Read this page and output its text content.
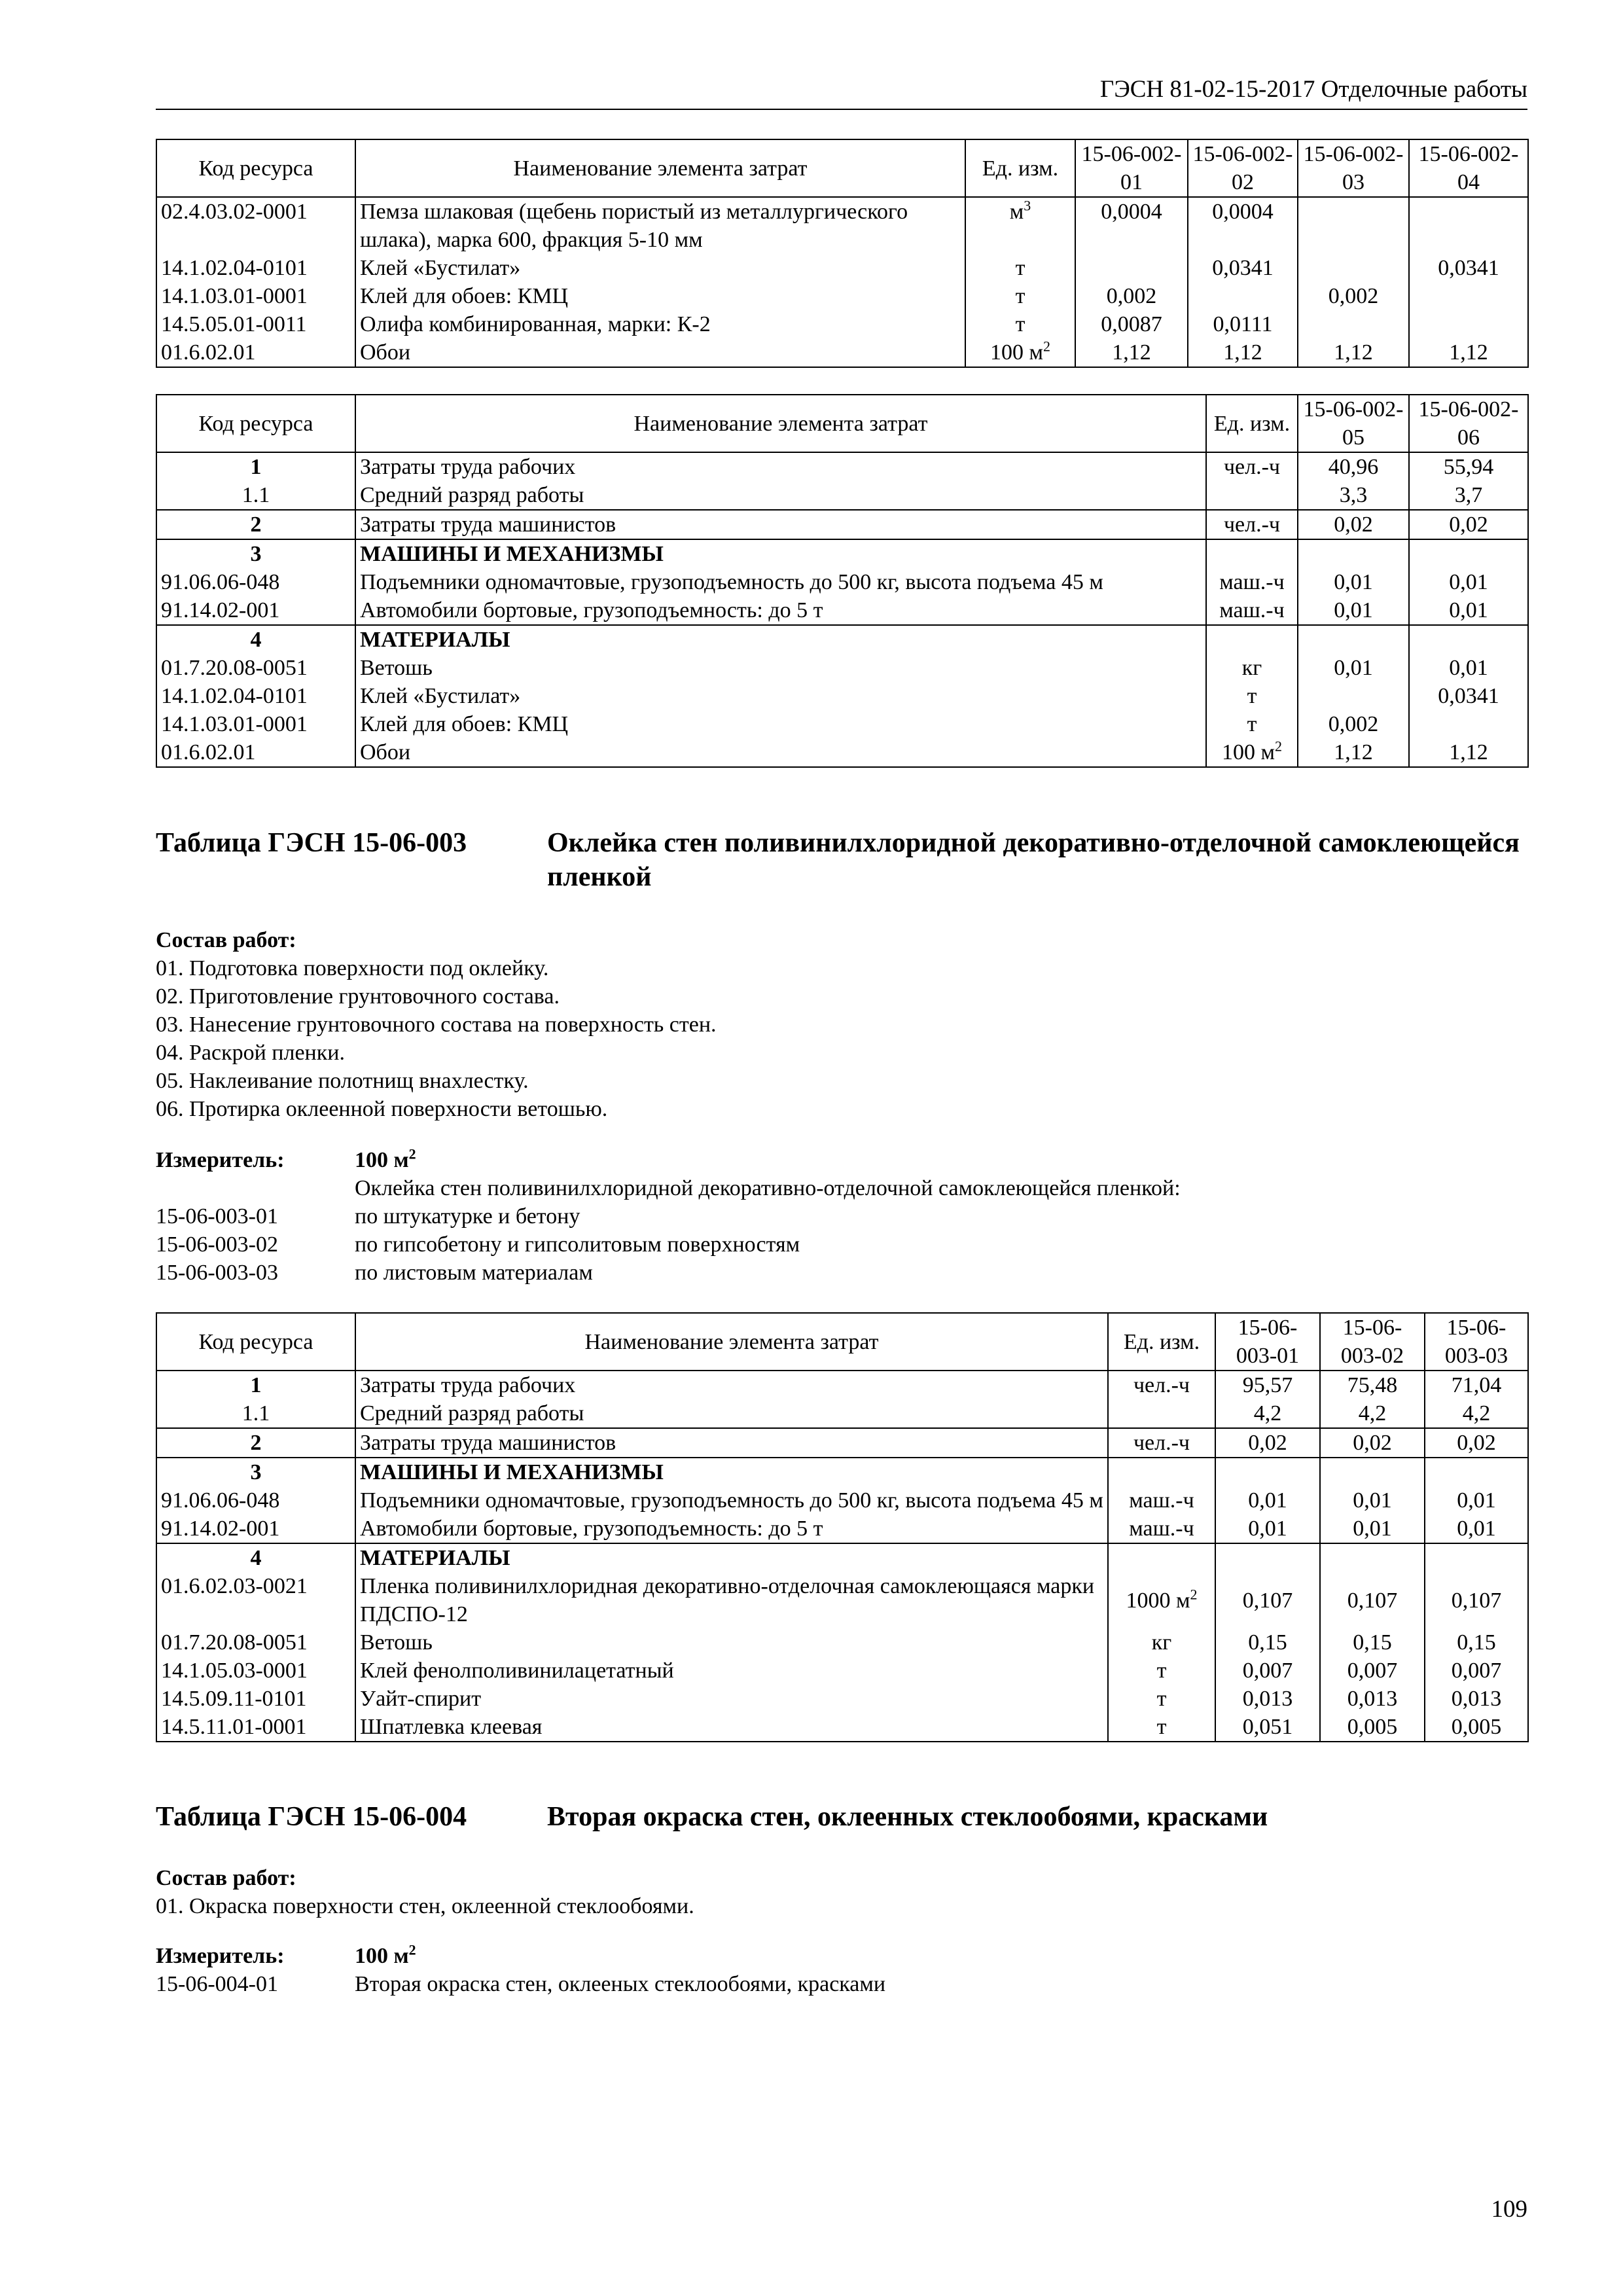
ГЭСН 81-02-15-2017 Отделочные работы
Код ресурса	Наименование элемента затрат	Ед. изм.	15-06-002-01	15-06-002-02	15-06-002-03	15-06-002-04
02.4.03.02-0001	Пемза шлаковая (щебень пористый из металлургического шлака), марка 600, фракция 5-10 мм	$м^3$	0,0004	0,0004		
14.1.02.04-0101	Клей «Бустилат»	т		0,0341		0,0341
14.1.03.01-0001	Клей для обоев: КМЦ	т	0,002		0,002	
14.5.05.01-0011	Олифа комбинированная, марки: К-2	т	0,0087	0,0111		
01.6.02.01	Обои	100 $м^2$	1,12	1,12	1,12	1,12
Код ресурса	Наименование элемента затрат	Ед. изм.	15-06-002-05	15-06-002-06
1	Затраты труда рабочих	чел.-ч	40,96	55,94
1.1	Средний разряд работы		3,3	3,7
2	Затраты труда машинистов	чел.-ч	0,02	0,02
3	МАШИНЫ И МЕХАНИЗМЫ			
91.06.06-048	Подъемники одномачтовые, грузоподъемность до 500 кг, высота подъема 45 м	маш.-ч	0,01	0,01
91.14.02-001	Автомобили бортовые, грузоподъемность: до 5 т	маш.-ч	0,01	0,01
4	МАТЕРИАЛЫ			
01.7.20.08-0051	Ветошь	кг	0,01	0,01
14.1.02.04-0101	Клей «Бустилат»	т		0,0341
14.1.03.01-0001	Клей для обоев: КМЦ	т	0,002	
01.6.02.01	Обои	100 $м^2$	1,12	1,12
Таблица ГЭСН 15-06-003	Оклейка стен поливинилхлоридной декоративно-отделочной самоклеющейся пленкой
Состав работ:
01. Подготовка поверхности под оклейку.
02. Приготовление грунтовочного состава.
03. Нанесение грунтовочного состава на поверхность стен.
04. Раскрой пленки.
05. Наклеивание полотнищ внахлестку.
06. Протирка оклеенной поверхности ветошью.
Измеритель:	100 $м^2$
Оклейка стен поливинилхлоридной декоративно-отделочной самоклеющейся пленкой:
15-06-003-01	по штукатурке и бетону
15-06-003-02	по гипсобетону и гипсолитовым поверхностям
15-06-003-03	по листовым материалам
Код ресурса	Наименование элемента затрат	Ед. изм.	15-06-003-01	15-06-003-02	15-06-003-03
1	Затраты труда рабочих	чел.-ч	95,57	75,48	71,04
1.1	Средний разряд работы		4,2	4,2	4,2
2	Затраты труда машинистов	чел.-ч	0,02	0,02	0,02
3	МАШИНЫ И МЕХАНИЗМЫ				
91.06.06-048	Подъемники одномачтовые, грузоподъемность до 500 кг, высота подъема 45 м	маш.-ч	0,01	0,01	0,01
91.14.02-001	Автомобили бортовые, грузоподъемность: до 5 т	маш.-ч	0,01	0,01	0,01
4	МАТЕРИАЛЫ				
01.6.02.03-0021	Пленка поливинилхлоридная декоративно-отделочная самоклеющаяся марки ПДСПО-12	1000 $м^2$	0,107	0,107	0,107
01.7.20.08-0051	Ветошь	кг	0,15	0,15	0,15
14.1.05.03-0001	Клей фенолполивинилацетатный	т	0,007	0,007	0,007
14.5.09.11-0101	Уайт-спирит	т	0,013	0,013	0,013
14.5.11.01-0001	Шпатлевка клеевая	т	0,051	0,005	0,005
Таблица ГЭСН 15-06-004	Вторая окраска стен, оклеенных стеклообоями, красками
Состав работ:
01. Окраска поверхности стен, оклеенной стеклообоями.
Измеритель:	100 $м^2$
15-06-004-01	Вторая окраска стен, оклееных стеклообоями, красками
109
